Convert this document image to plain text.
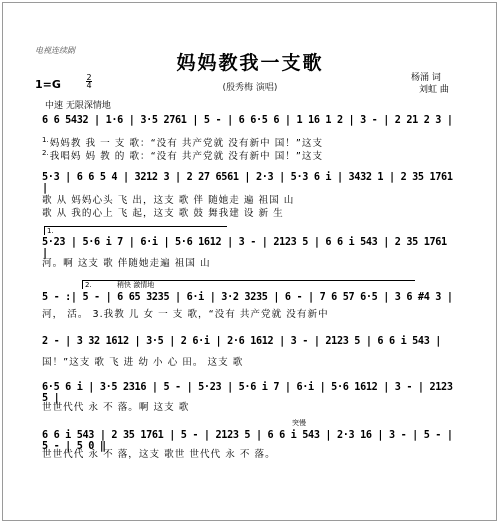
电视连续剧
妈妈教我一支歌
1=G
2
4	(殷秀梅 演唱)
杨涌 词
刘虹 曲
中速 无限深情地
6 6 5432 | 1·6 | 3·5 2761 | 5 - | 6 6·5 6 | 1 16 1 2 | 3 - | 2 21 2 3 |
$^{1.}$妈妈教 我 一 支 歌：“没有 共产党就 没有新中 国！”这支
$^{2.}$我唱妈 妈 教 的 歌：“没有 共产党就 没有新中 国！”这支
5·3 | 6 6 5 4 | 3212 3 | 2 27 6561 | 2·3 | 5·3 6 i | 3432 1 | 2 35 1761 |
歌 从 妈妈心头 飞 出，这支 歌 伴 随她走 遍 祖国 山
歌 从 我的心上 飞 起，这支 歌 鼓 舞我建 设 新 生
1.
5·23 | 5·6 i 7 | 6·i | 5·6 1612 | 3 - | 2123 5 | 6 6 i 543 | 2 35 1761 |
河。啊 这支 歌 伴随她走遍 祖国 山
2.	稍快 激情地
5 - :| 5 - | 6 65 3235 | 6·i | 3·2 3235 | 6 - | 7 6 57 6·5 | 3 6 #4 3 |
河， 活。 3.我教 儿 女 一 支 歌，“没有 共产党就 没有新中
2 - | 3 32 1612 | 3·5 | 2 6·i | 2·6 1612 | 3 - | 2123 5 | 6 6 i 543 |
国！”这支 歌 飞 进 幼 小 心 田。 这支 歌
6·5 6 i | 3·5 2316 | 5 - | 5·23 | 5·6 i 7 | 6·i | 5·6 1612 | 3 - | 2123 5 |
世世代代 永 不 落。啊 这支 歌
突慢
6 6 i 543 | 2 35 1761 | 5 - | 2123 5 | 6 6 i 543 | 2·3 16 | 3 - | 5 - | 5 - | 5 0 ‖
世世代代 永 不 落，这支 歌世 世代代 永 不 落。
